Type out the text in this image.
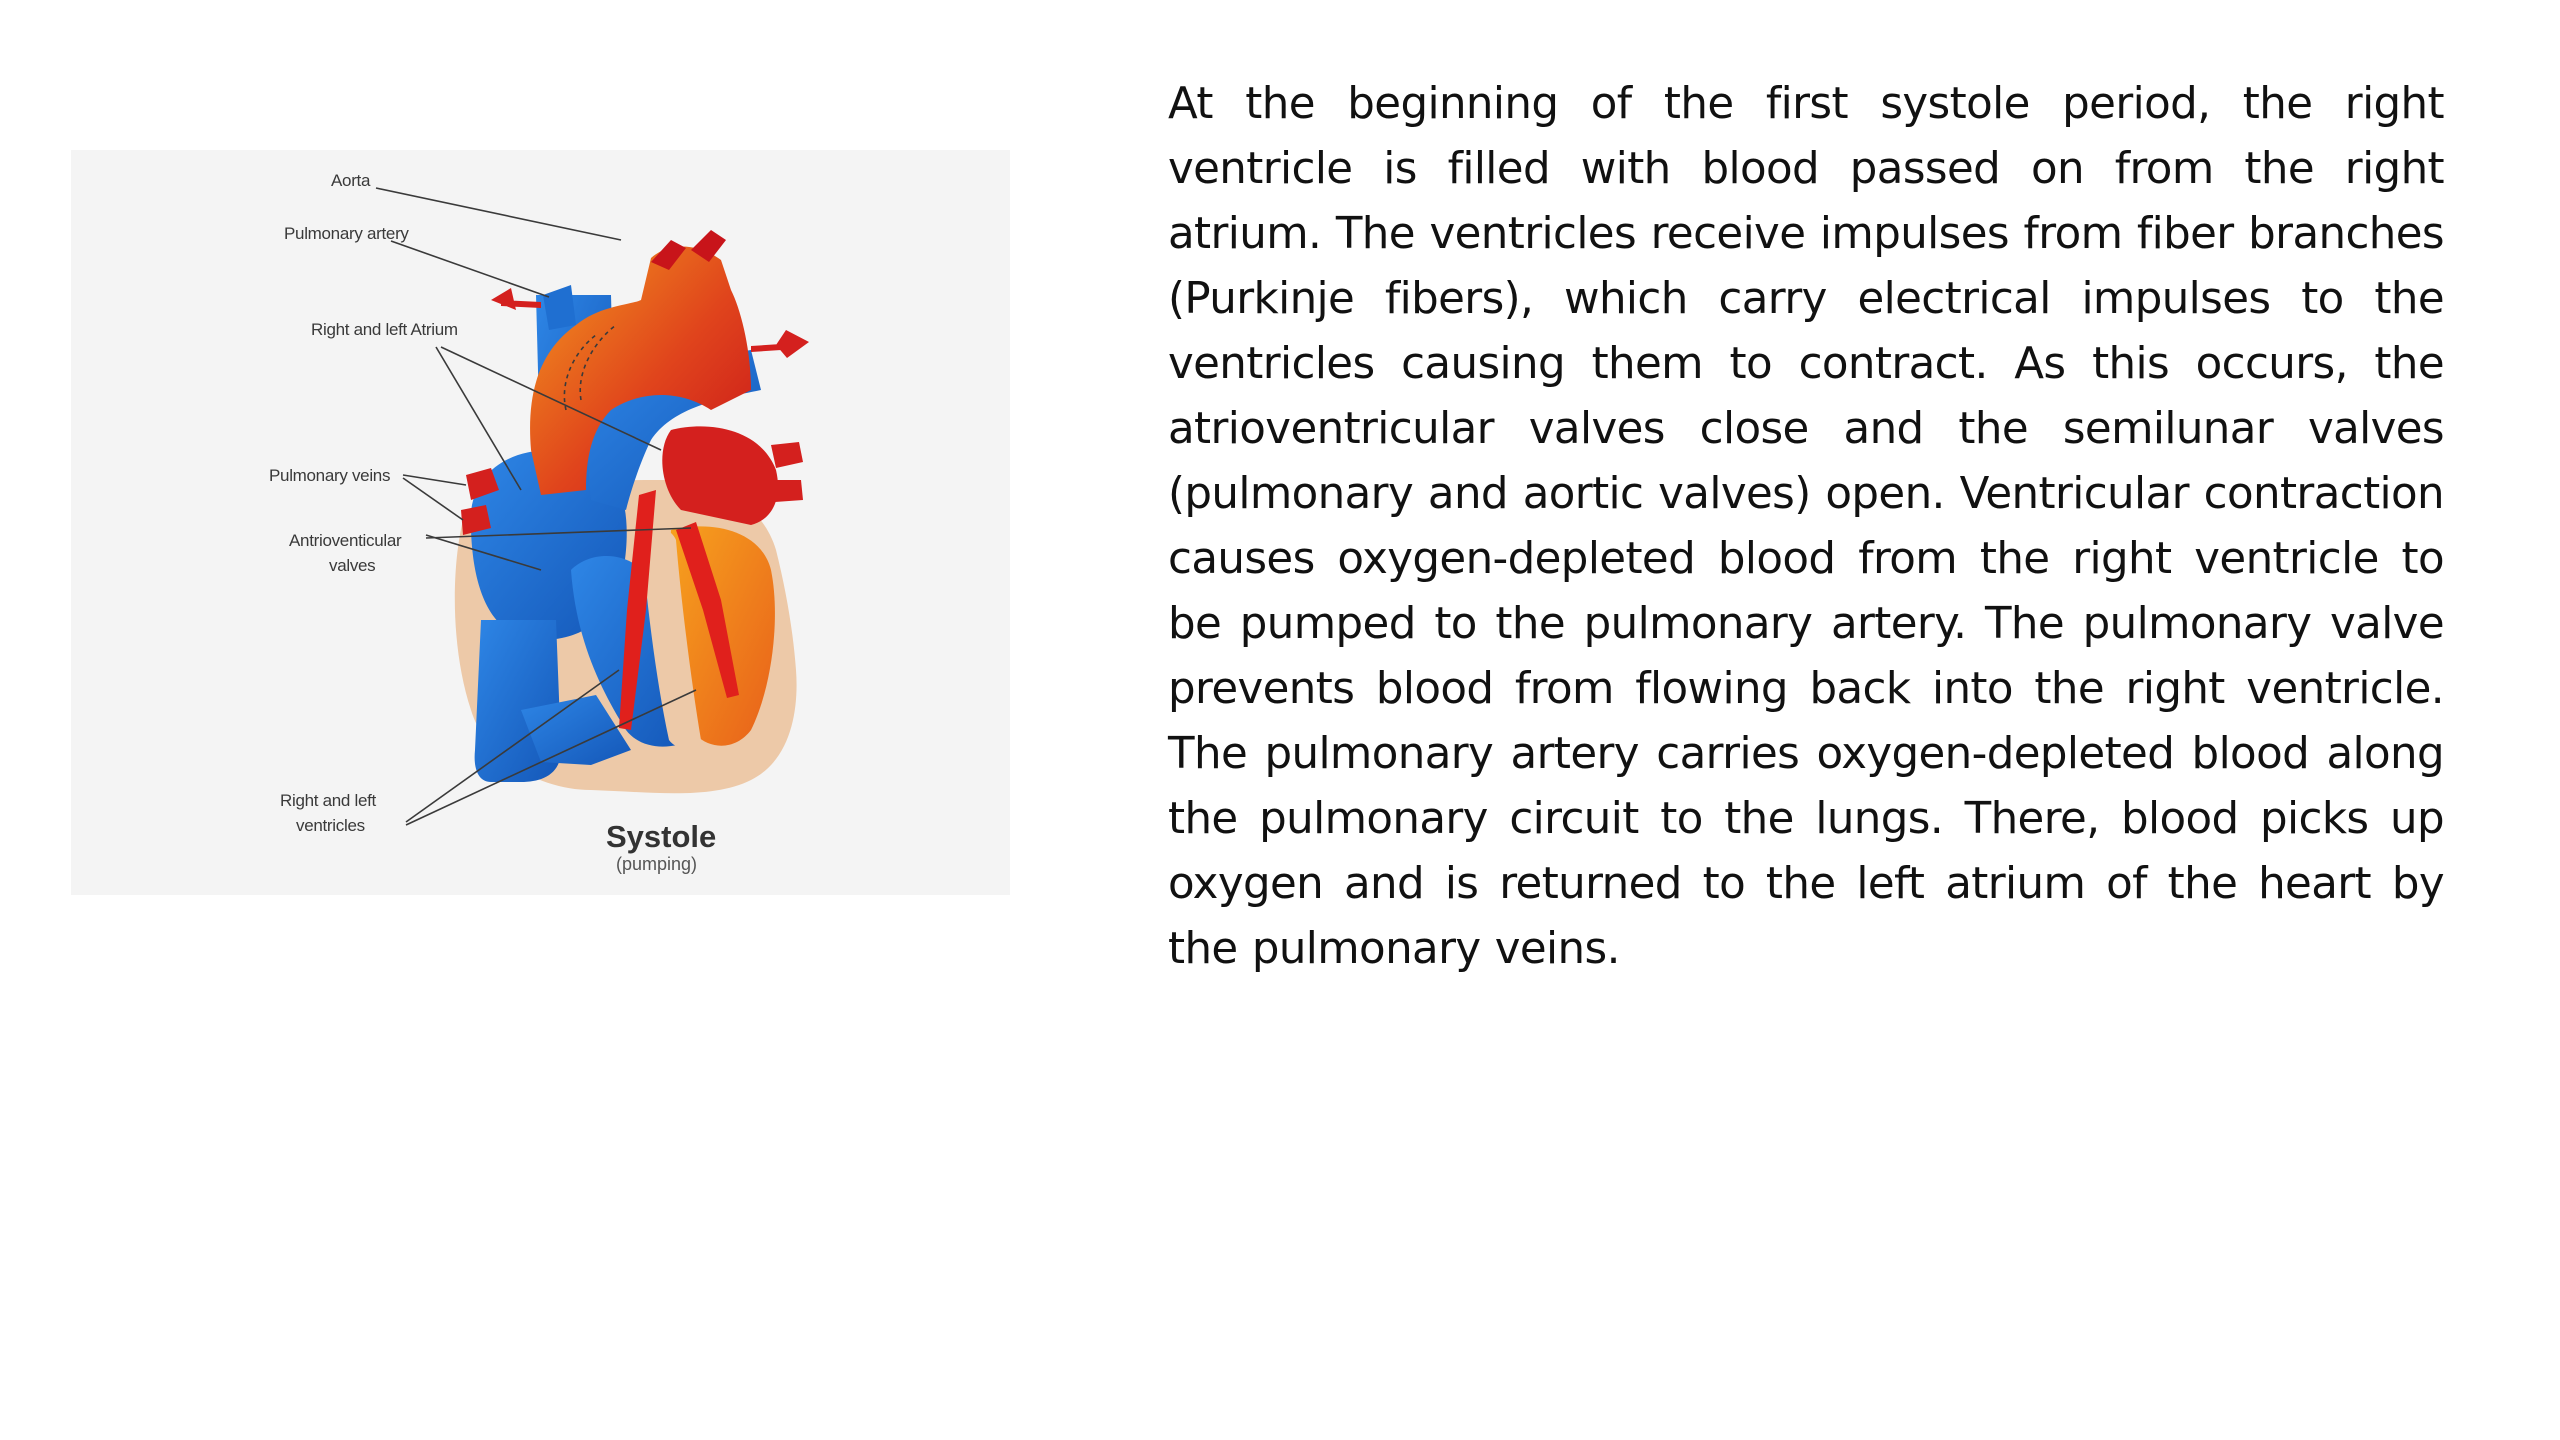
Aorta
Pulmonary artery
Right and left Atrium
Pulmonary veins
Antrioventicular
valves
Right and left
ventricles	Systole
(pumping)

At the beginning of the first systole period, the right ventricle is filled with blood passed on from the right atrium. The ventricles receive impulses from fiber branches (Purkinje fibers), which carry electrical impulses to the ventricles causing them to contract. As this occurs, the atrioventricular valves close and the semilunar valves (pulmonary and aortic valves) open. Ventricular contraction causes oxygen-depleted blood from the right ventricle to be pumped to the pulmonary artery. The pulmonary valve prevents blood from flowing back into the right ventricle. The pulmonary artery carries oxygen-depleted blood along the pulmonary circuit to the lungs. There, blood picks up oxygen and is returned to the left atrium of the heart by the pulmonary veins.
